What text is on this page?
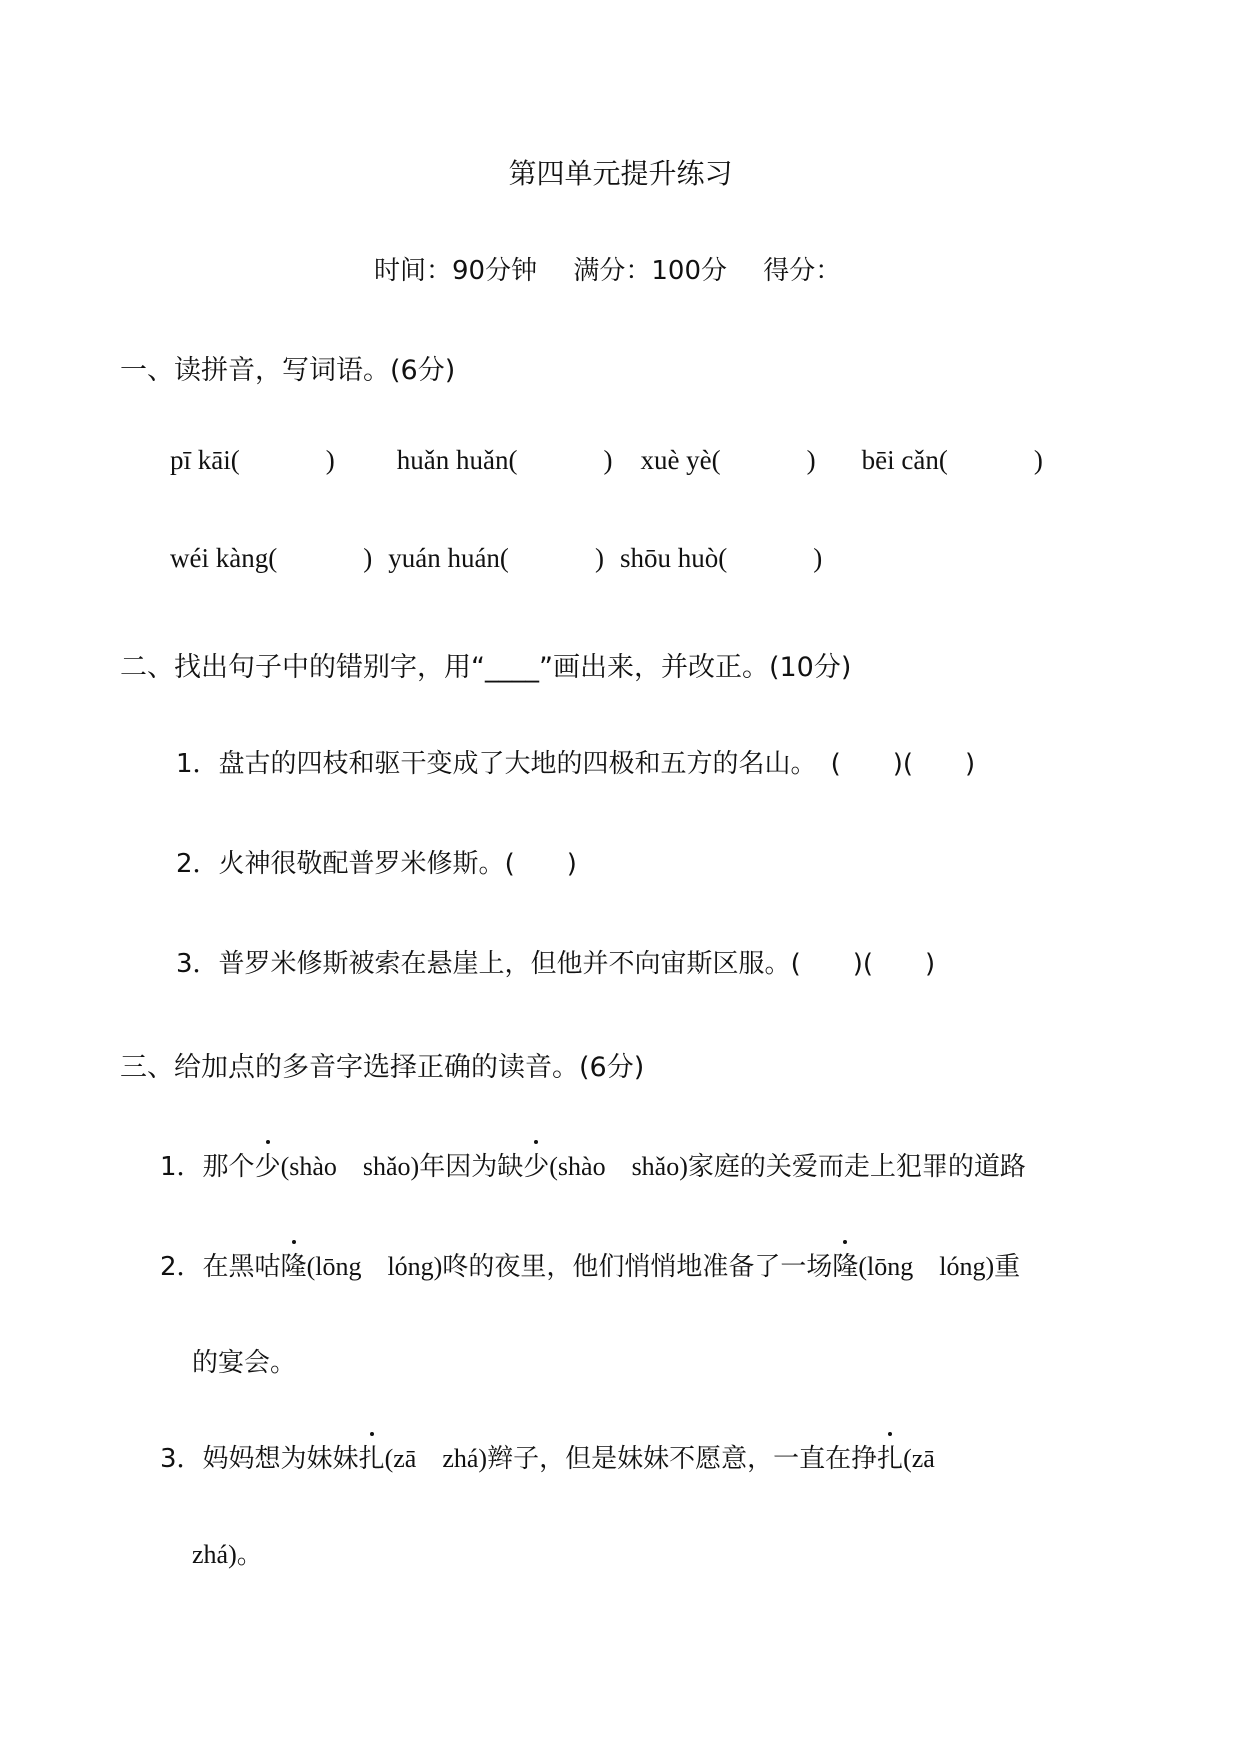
第四单元提升练习
时间：90分钟 满分：100分 得分：
一、读拼音，写词语。(6分)
pī kāi(	) huǎn huǎn(	) xuè yè(	) bēi cǎn(	)
wéi kàng(	) yuán huán(	) shōu huò(	)
二、找出句子中的错别字，用“____”画出来，并改正。(10分)
1．盘古的四枝和驱干变成了大地的四极和五方的名山。 (　　)(　　)
2．火神很敬配普罗米修斯。(　　)
3．普罗米修斯被索在悬崖上，但他并不向宙斯区服。(　　)(　　)
三、给加点的多音字选择正确的读音。(6分)
1．那个少(shào　shǎo)年因为缺少(shào　shǎo)家庭的关爱而走上犯罪的道路
2．在黑咕隆(lōng　lóng)咚的夜里，他们悄悄地准备了一场隆(lōng　lóng)重
的宴会。
3．妈妈想为妹妹扎(zā　zhá)辫子，但是妹妹不愿意，一直在挣扎(zā
zhá)。
